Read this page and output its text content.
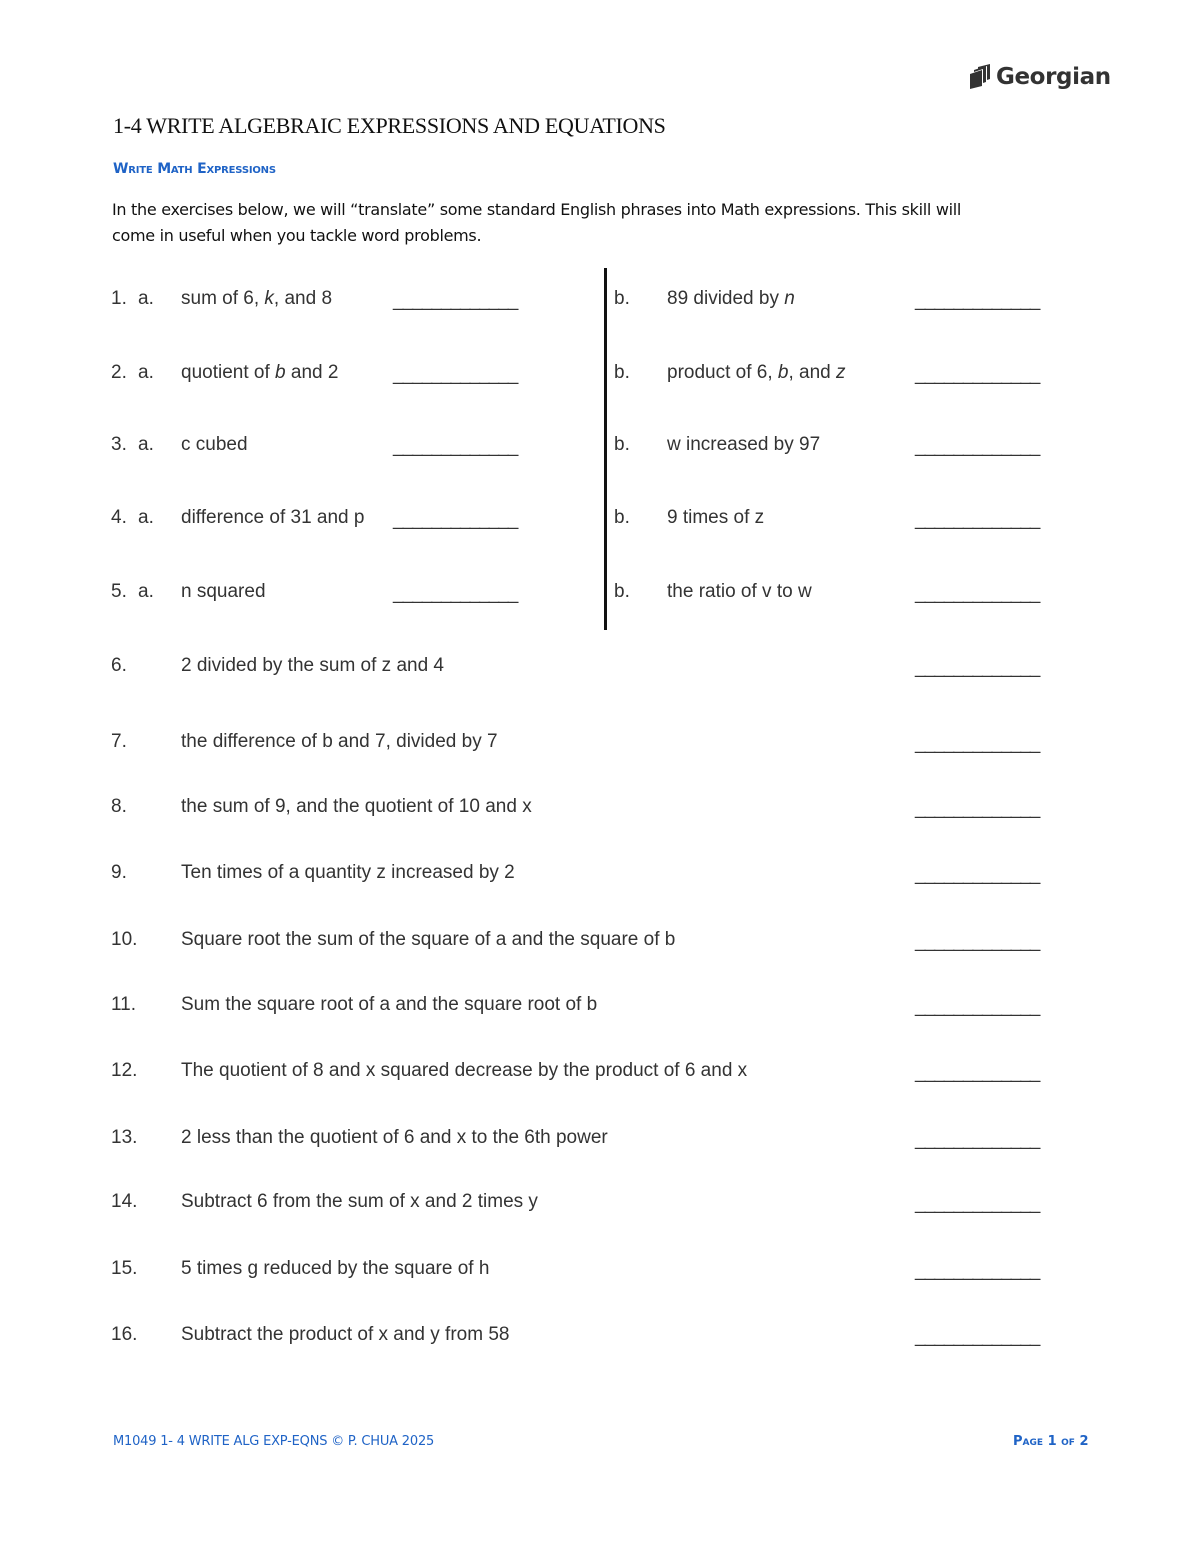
Georgian
1-4 WRITE ALGEBRAIC EXPRESSIONS AND EQUATIONS
Write Math Expressions

In the exercises below, we will “translate” some standard English phrases into Math expressions. This skill will
come in useful when you tackle word problems.

1. a. sum of 6, k, and 8	_____________	b. 89 divided by n	_____________
2. a. quotient of b and 2	_____________	b. product of 6, b, and z	_____________
3. a. c cubed	_____________	b. w increased by 97	_____________
4. a. difference of 31 and p _____________	b. 9 times of z	_____________
5. a. n squared	_____________	b. the ratio of v to w	_____________
6.	2 divided by the sum of z and 4	_____________
7.	the difference of b and 7, divided by 7	_____________
8.	the sum of 9, and the quotient of 10 and x	_____________
9.	Ten times of a quantity z increased by 2	_____________
10. Square root the sum of the square of a and the square of b	_____________
11. Sum the square root of a and the square root of b	_____________
12. The quotient of 8 and x squared decrease by the product of 6 and x	_____________
13. 2 less than the quotient of 6 and x to the 6th power	_____________
14. Subtract 6 from the sum of x and 2 times y	_____________
15. 5 times g reduced by the square of h	_____________
16. Subtract the product of x and y from 58	_____________
M1049 1- 4 WRITE ALG EXP-EQNS © P. CHUA 2025	Page 1 of 2
